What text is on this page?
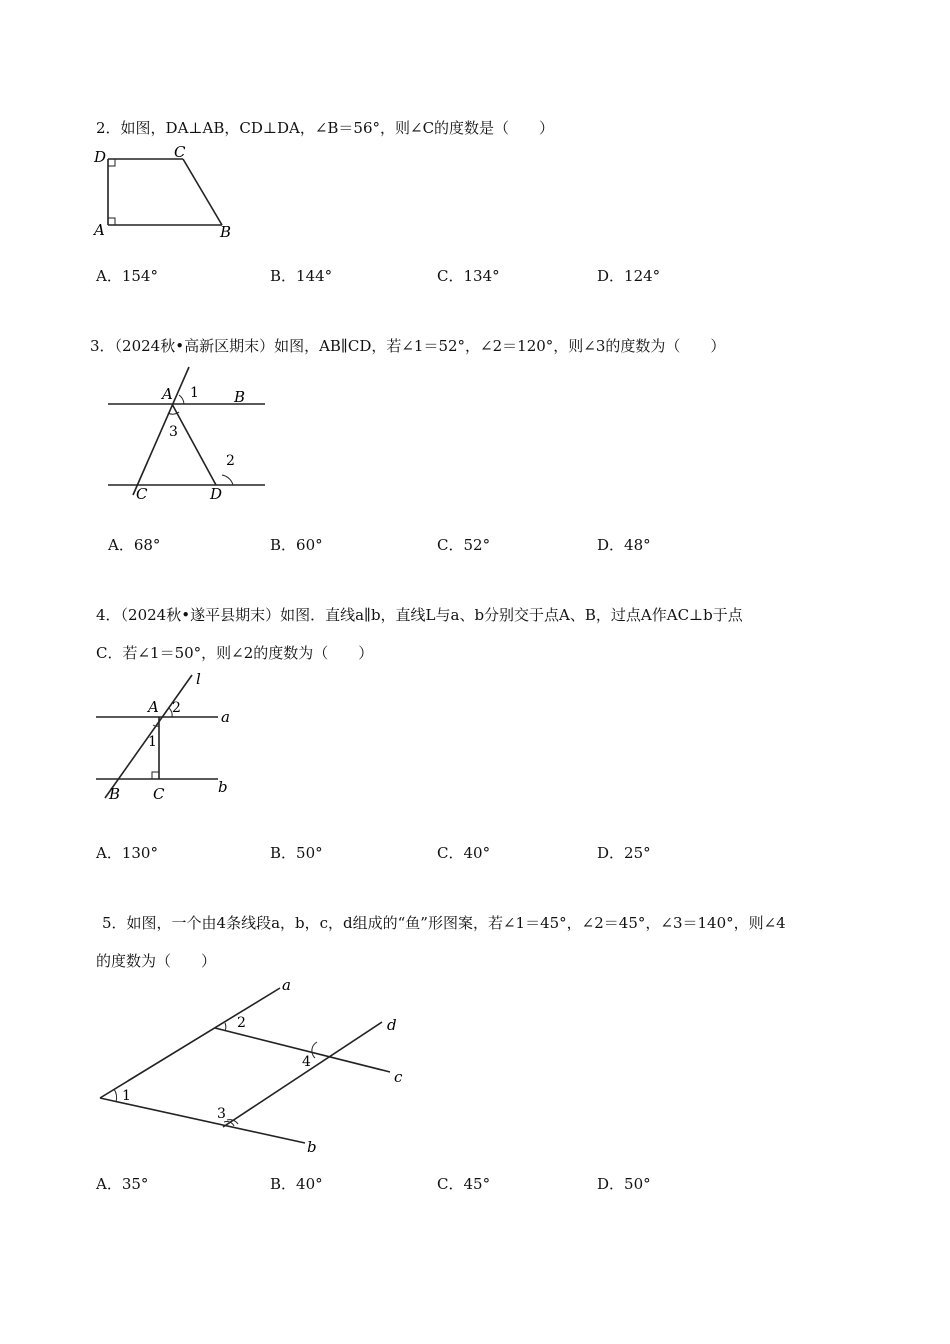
2．如图，DA⊥AB，CD⊥DA，∠B＝56°，则∠C的度数是（　　）
D	C
A	B
A．154°	B．144°	C．134°	D．124°
3．（2024秋•高新区期末）如图，AB∥CD，若∠1＝52°，∠2＝120°，则∠3的度数为（　　）
A 1 B
3
2
C	D
A．68°	B．60°	C．52°	D．48°
4．（2024秋•遂平县期末）如图．直线a∥b，直线L与a、b分别交于点A、B，过点A作AC⊥b于点
C．若∠1＝50°，则∠2的度数为（　　）
l
A 2	a
1
B C	b
A．130°	B．50°	C．40°	D．25°
5．如图，一个由4条线段a，b，c，d组成的“鱼”形图案，若∠1＝45°，∠2＝45°，∠3＝140°，则∠4
的度数为（　　）
a
2	d
4
c
1
3
b
A．35°	B．40°	C．45°	D．50°
